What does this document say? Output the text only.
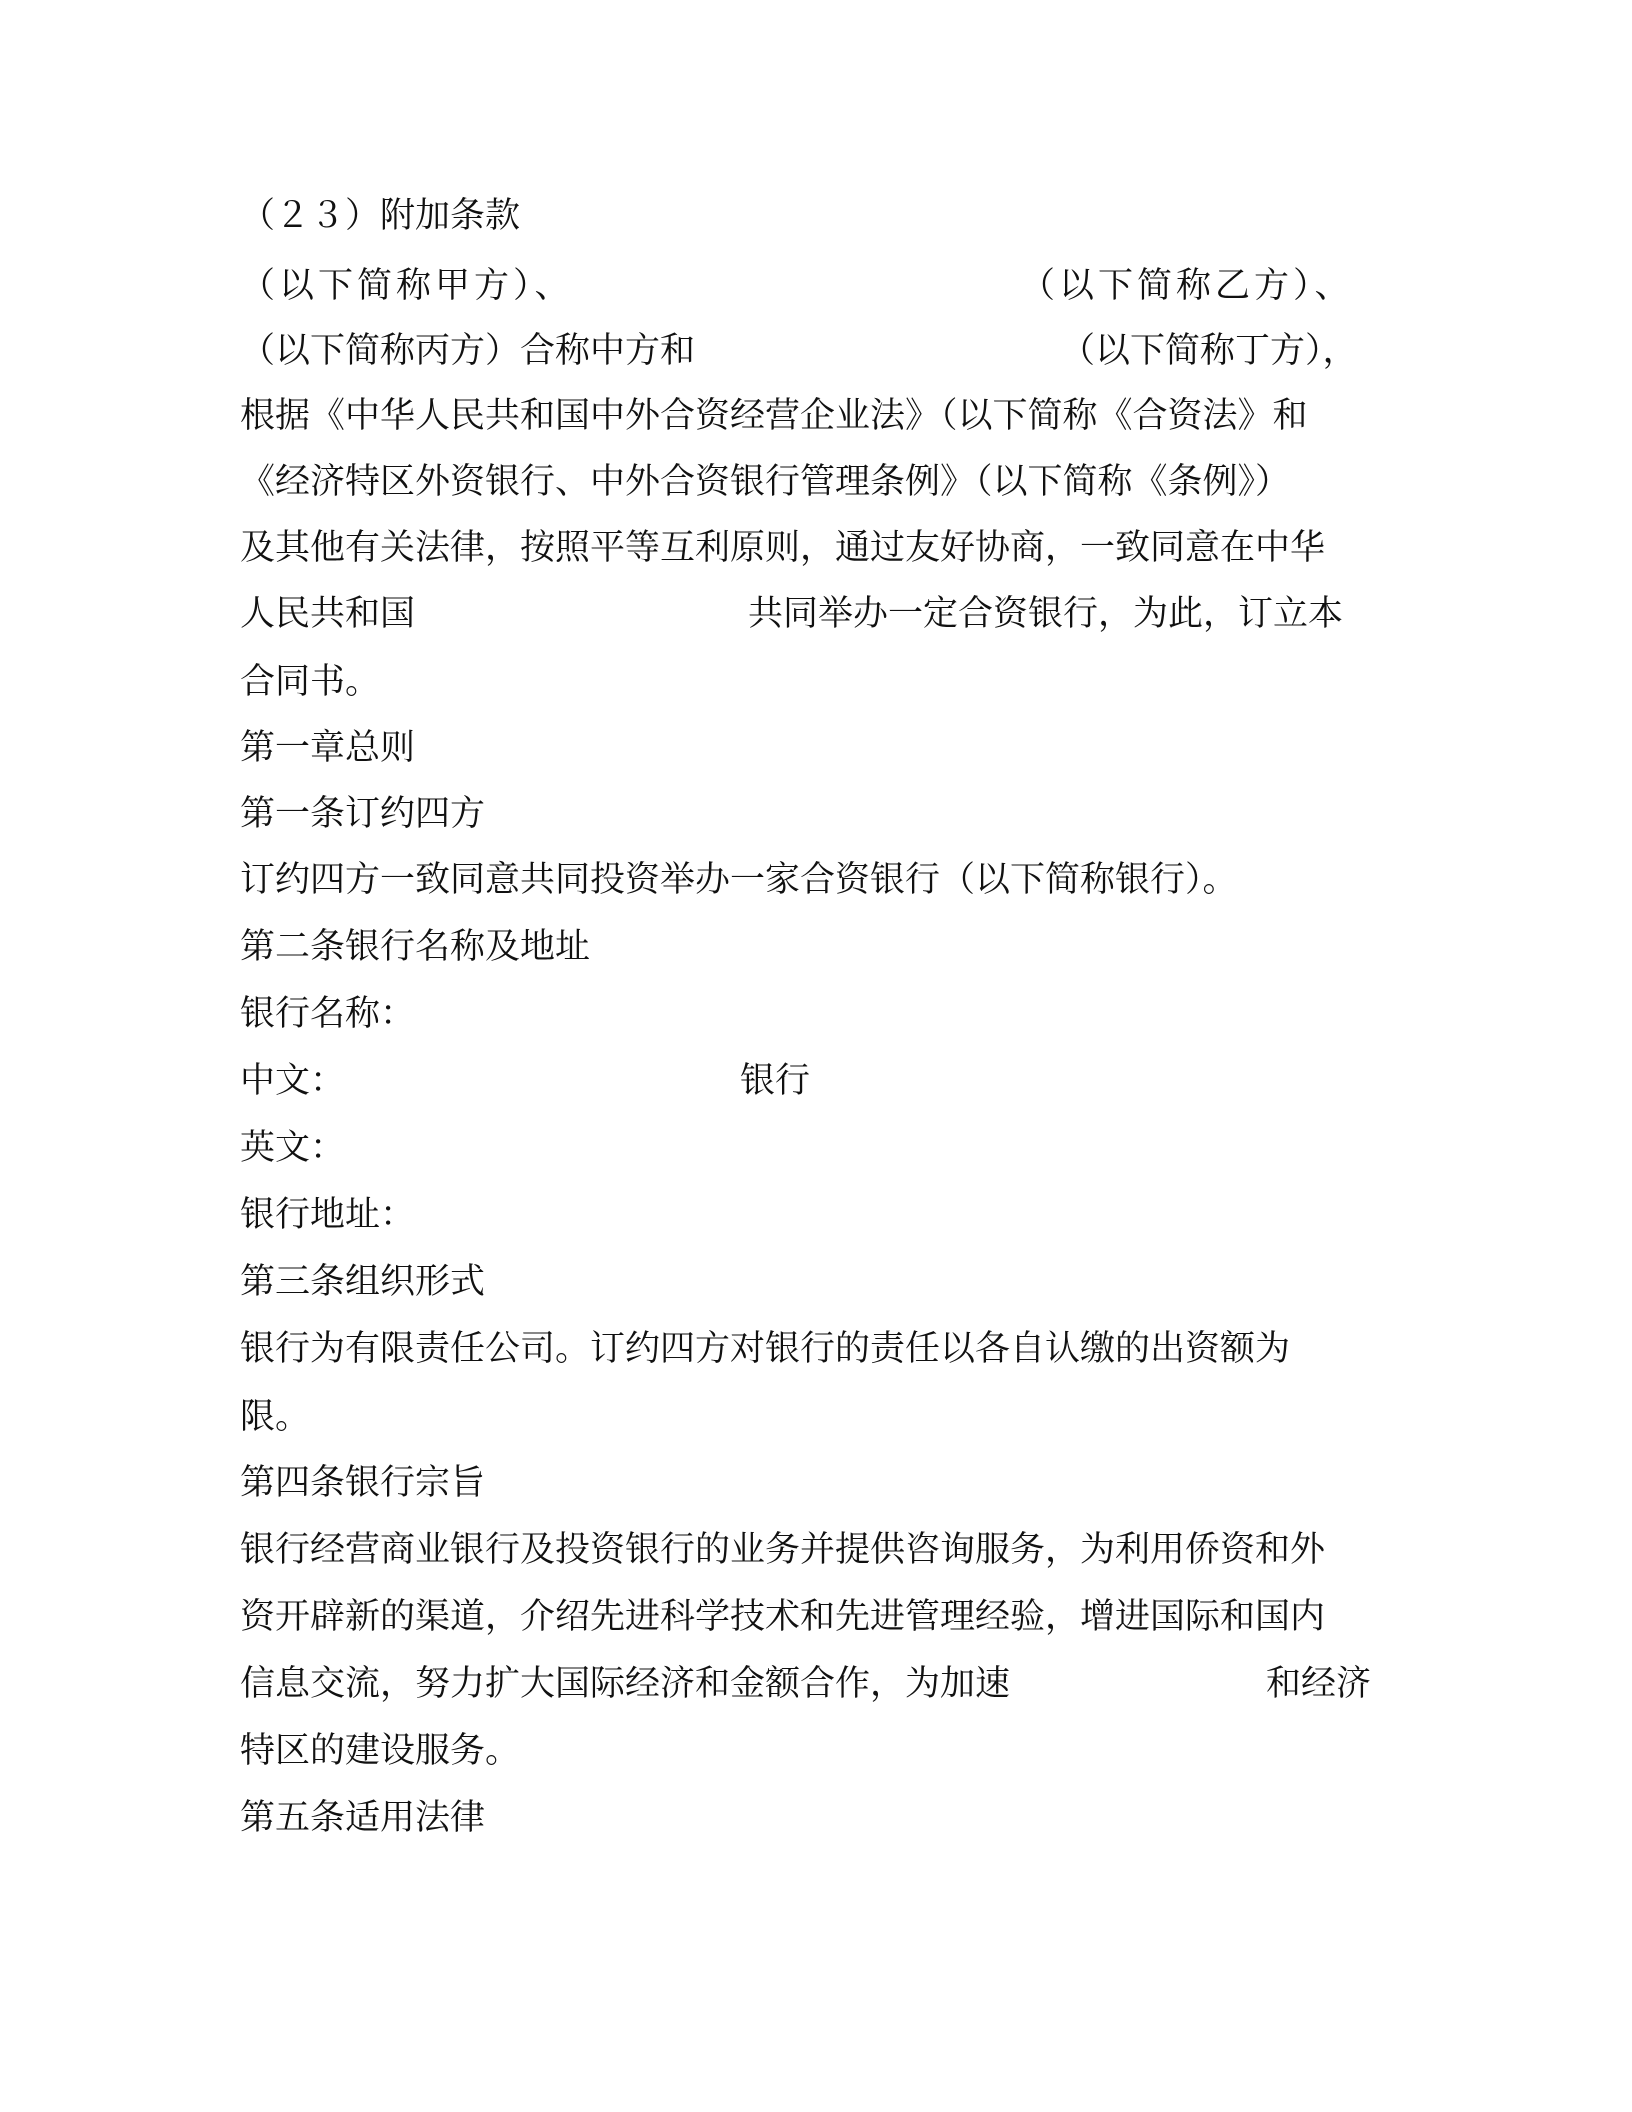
（２３）附加条款
（以下简称甲方）、	（以下简称乙方）、
（以下简称丙方）合称中方和	（以下简称丁方），
根据《中华人民共和国中外合资经营企业法》（以下简称《合资法》和
《经济特区外资银行、中外合资银行管理条例》（以下简称《条例》）
及其他有关法律，按照平等互利原则，通过友好协商，一致同意在中华
人民共和国	共同举办一定合资银行，为此，订立本
合同书。
第一章总则
第一条订约四方
订约四方一致同意共同投资举办一家合资银行（以下简称银行）。
第二条银行名称及地址
银行名称：
中文：	银行
英文：
银行地址：
第三条组织形式
银行为有限责任公司。订约四方对银行的责任以各自认缴的出资额为
限。
第四条银行宗旨
银行经营商业银行及投资银行的业务并提供咨询服务，为利用侨资和外
资开辟新的渠道，介绍先进科学技术和先进管理经验，增进国际和国内
信息交流，努力扩大国际经济和金额合作，为加速	和经济
特区的建设服务。
第五条适用法律
